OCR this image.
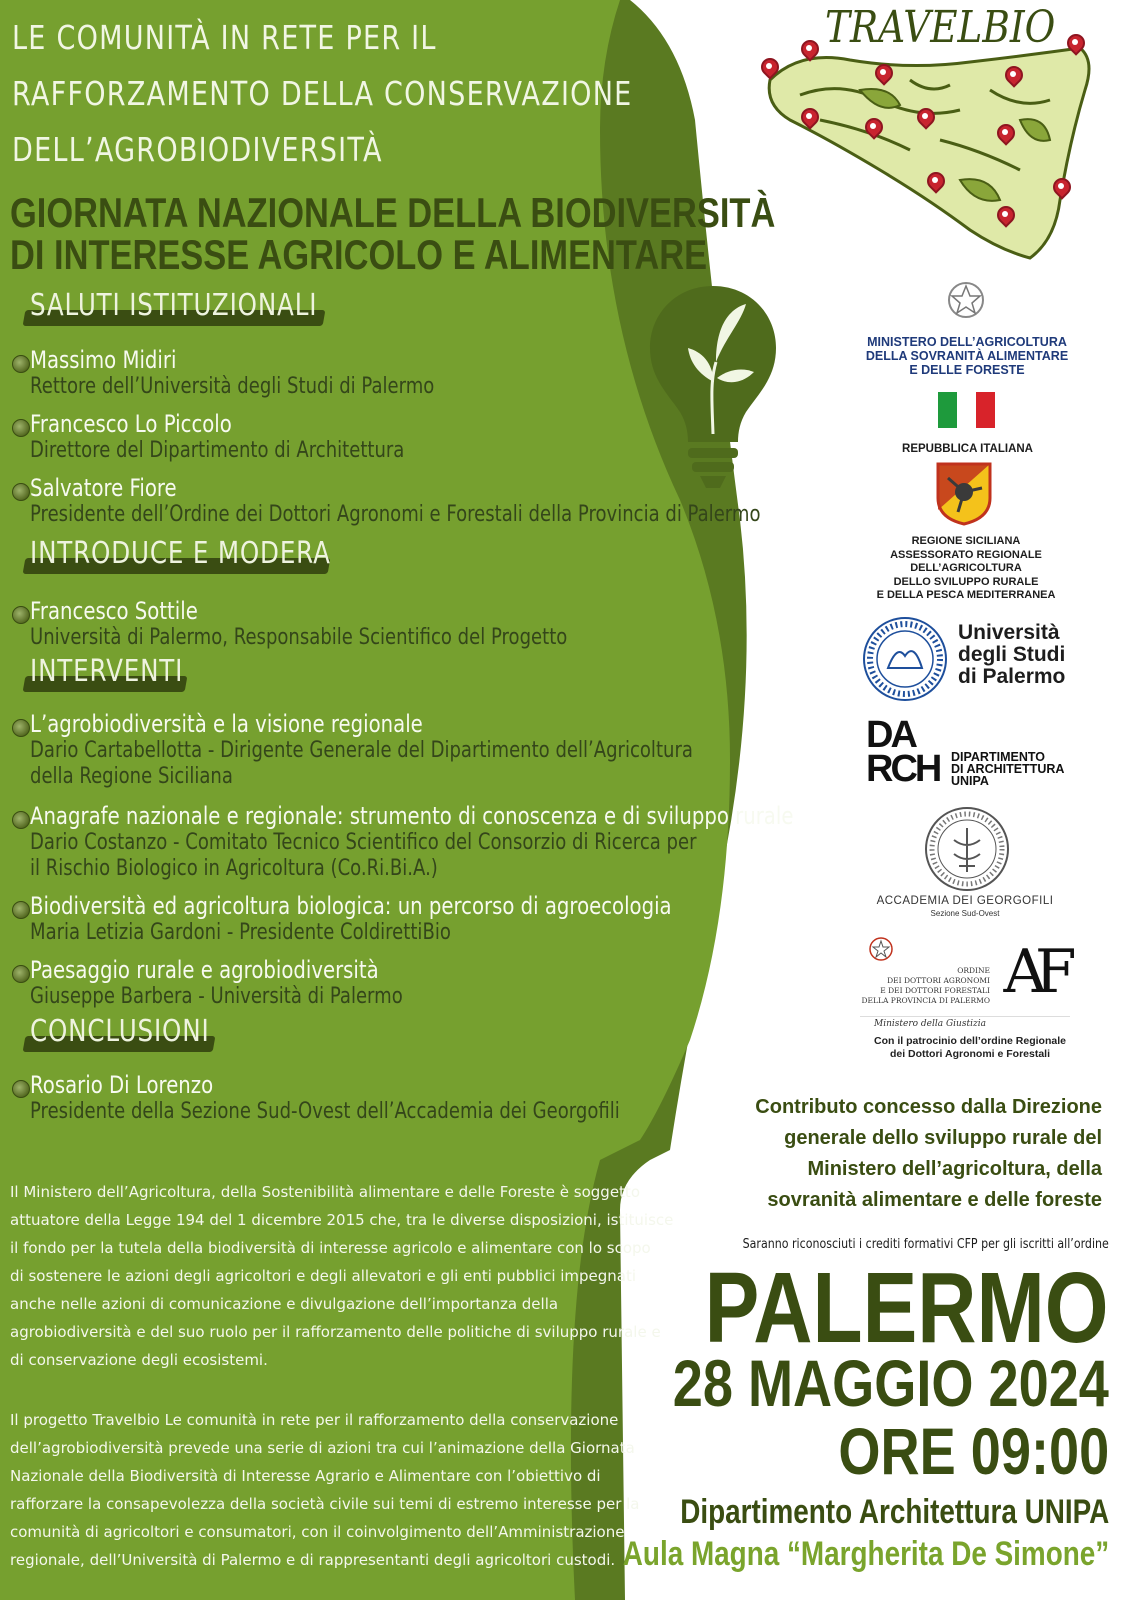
LE COMUNITÀ IN RETE PER IL
RAFFORZAMENTO DELLA CONSERVAZIONE
DELL’AGROBIODIVERSITÀ
GIORNATA NAZIONALE DELLA BIODIVERSITÀ
DI INTERESSE AGRICOLO E ALIMENTARE
SALUTI ISTITUZIONALI
Massimo Midiri
Rettore dell’Università degli Studi di Palermo
Francesco Lo Piccolo
Direttore del Dipartimento di Architettura
Salvatore Fiore
Presidente dell’Ordine dei Dottori Agronomi e Forestali della Provincia di Palermo
INTRODUCE E MODERA
Francesco Sottile
Università di Palermo, Responsabile Scientifico del Progetto
INTERVENTI
L’agrobiodiversità e la visione regionale
Dario Cartabellotta - Dirigente Generale del Dipartimento dell’Agricoltura
della Regione Siciliana
Anagrafe nazionale e regionale: strumento di conoscenza e di sviluppo rurale
Dario Costanzo - Comitato Tecnico Scientifico del Consorzio di Ricerca per
il Rischio Biologico in Agricoltura (Co.Ri.Bi.A.)
Biodiversità ed agricoltura biologica: un percorso di agroecologia
Maria Letizia Gardoni - Presidente ColdirettiBio
Paesaggio rurale e agrobiodiversità
Giuseppe Barbera - Università di Palermo
CONCLUSIONI
Rosario Di Lorenzo
Presidente della Sezione Sud-Ovest dell’Accademia dei Georgofili
Il Ministero dell’Agricoltura, della Sostenibilità alimentare e delle Foreste è soggetto
attuatore della Legge 194 del 1 dicembre 2015 che, tra le diverse disposizioni, istituisce
il fondo per la tutela della biodiversità di interesse agricolo e alimentare con lo scopo
di sostenere le azioni degli agricoltori e degli allevatori e gli enti pubblici impegnati
anche nelle azioni di comunicazione e divulgazione dell’importanza della
agrobiodiversità e del suo ruolo per il rafforzamento delle politiche di sviluppo rurale e
di conservazione degli ecosistemi.
Il progetto Travelbio Le comunità in rete per il rafforzamento della conservazione
dell’agrobiodiversità prevede una serie di azioni tra cui l’animazione della Giornata
Nazionale della Biodiversità di Interesse Agrario e Alimentare con l’obiettivo di
rafforzare la consapevolezza della società civile sui temi di estremo interesse per la
comunità di agricoltori e consumatori, con il coinvolgimento dell’Amministrazione
regionale, dell’Università di Palermo e di rappresentanti degli agricoltori custodi.
TRAVELBIO
MINISTERO DELL’AGRICOLTURA
DELLA SOVRANITÀ ALIMENTARE
E DELLE FORESTE
REPUBBLICA ITALIANA
REGIONE SICILIANA
ASSESSORATO REGIONALE
DELL’AGRICOLTURA
DELLO SVILUPPO RURALE
E DELLA PESCA MEDITERRANEA
Università
degli Studi
di Palermo
DA
RCH DIPARTIMENTO
DI ARCHITETTURA
UNIPA
ACCADEMIA DEI GEORGOFILI
Sezione Sud-Ovest
ORDINE
DEI DOTTORI AGRONOMI
E DEI DOTTORI FORESTALI
DELLA PROVINCIA DI PALERMO AF
Ministero della Giustizia
Con il patrocinio dell’ordine Regionale
dei Dottori Agronomi e Forestali
Contributo concesso dalla Direzione
generale dello sviluppo rurale del
Ministero dell’agricoltura, della
sovranità alimentare e delle foreste
Saranno riconosciuti i crediti formativi CFP per gli iscritti all’ordine
PALERMO
28 MAGGIO 2024
ORE 09:00
Dipartimento Architettura UNIPA
Aula Magna “Margherita De Simone”
